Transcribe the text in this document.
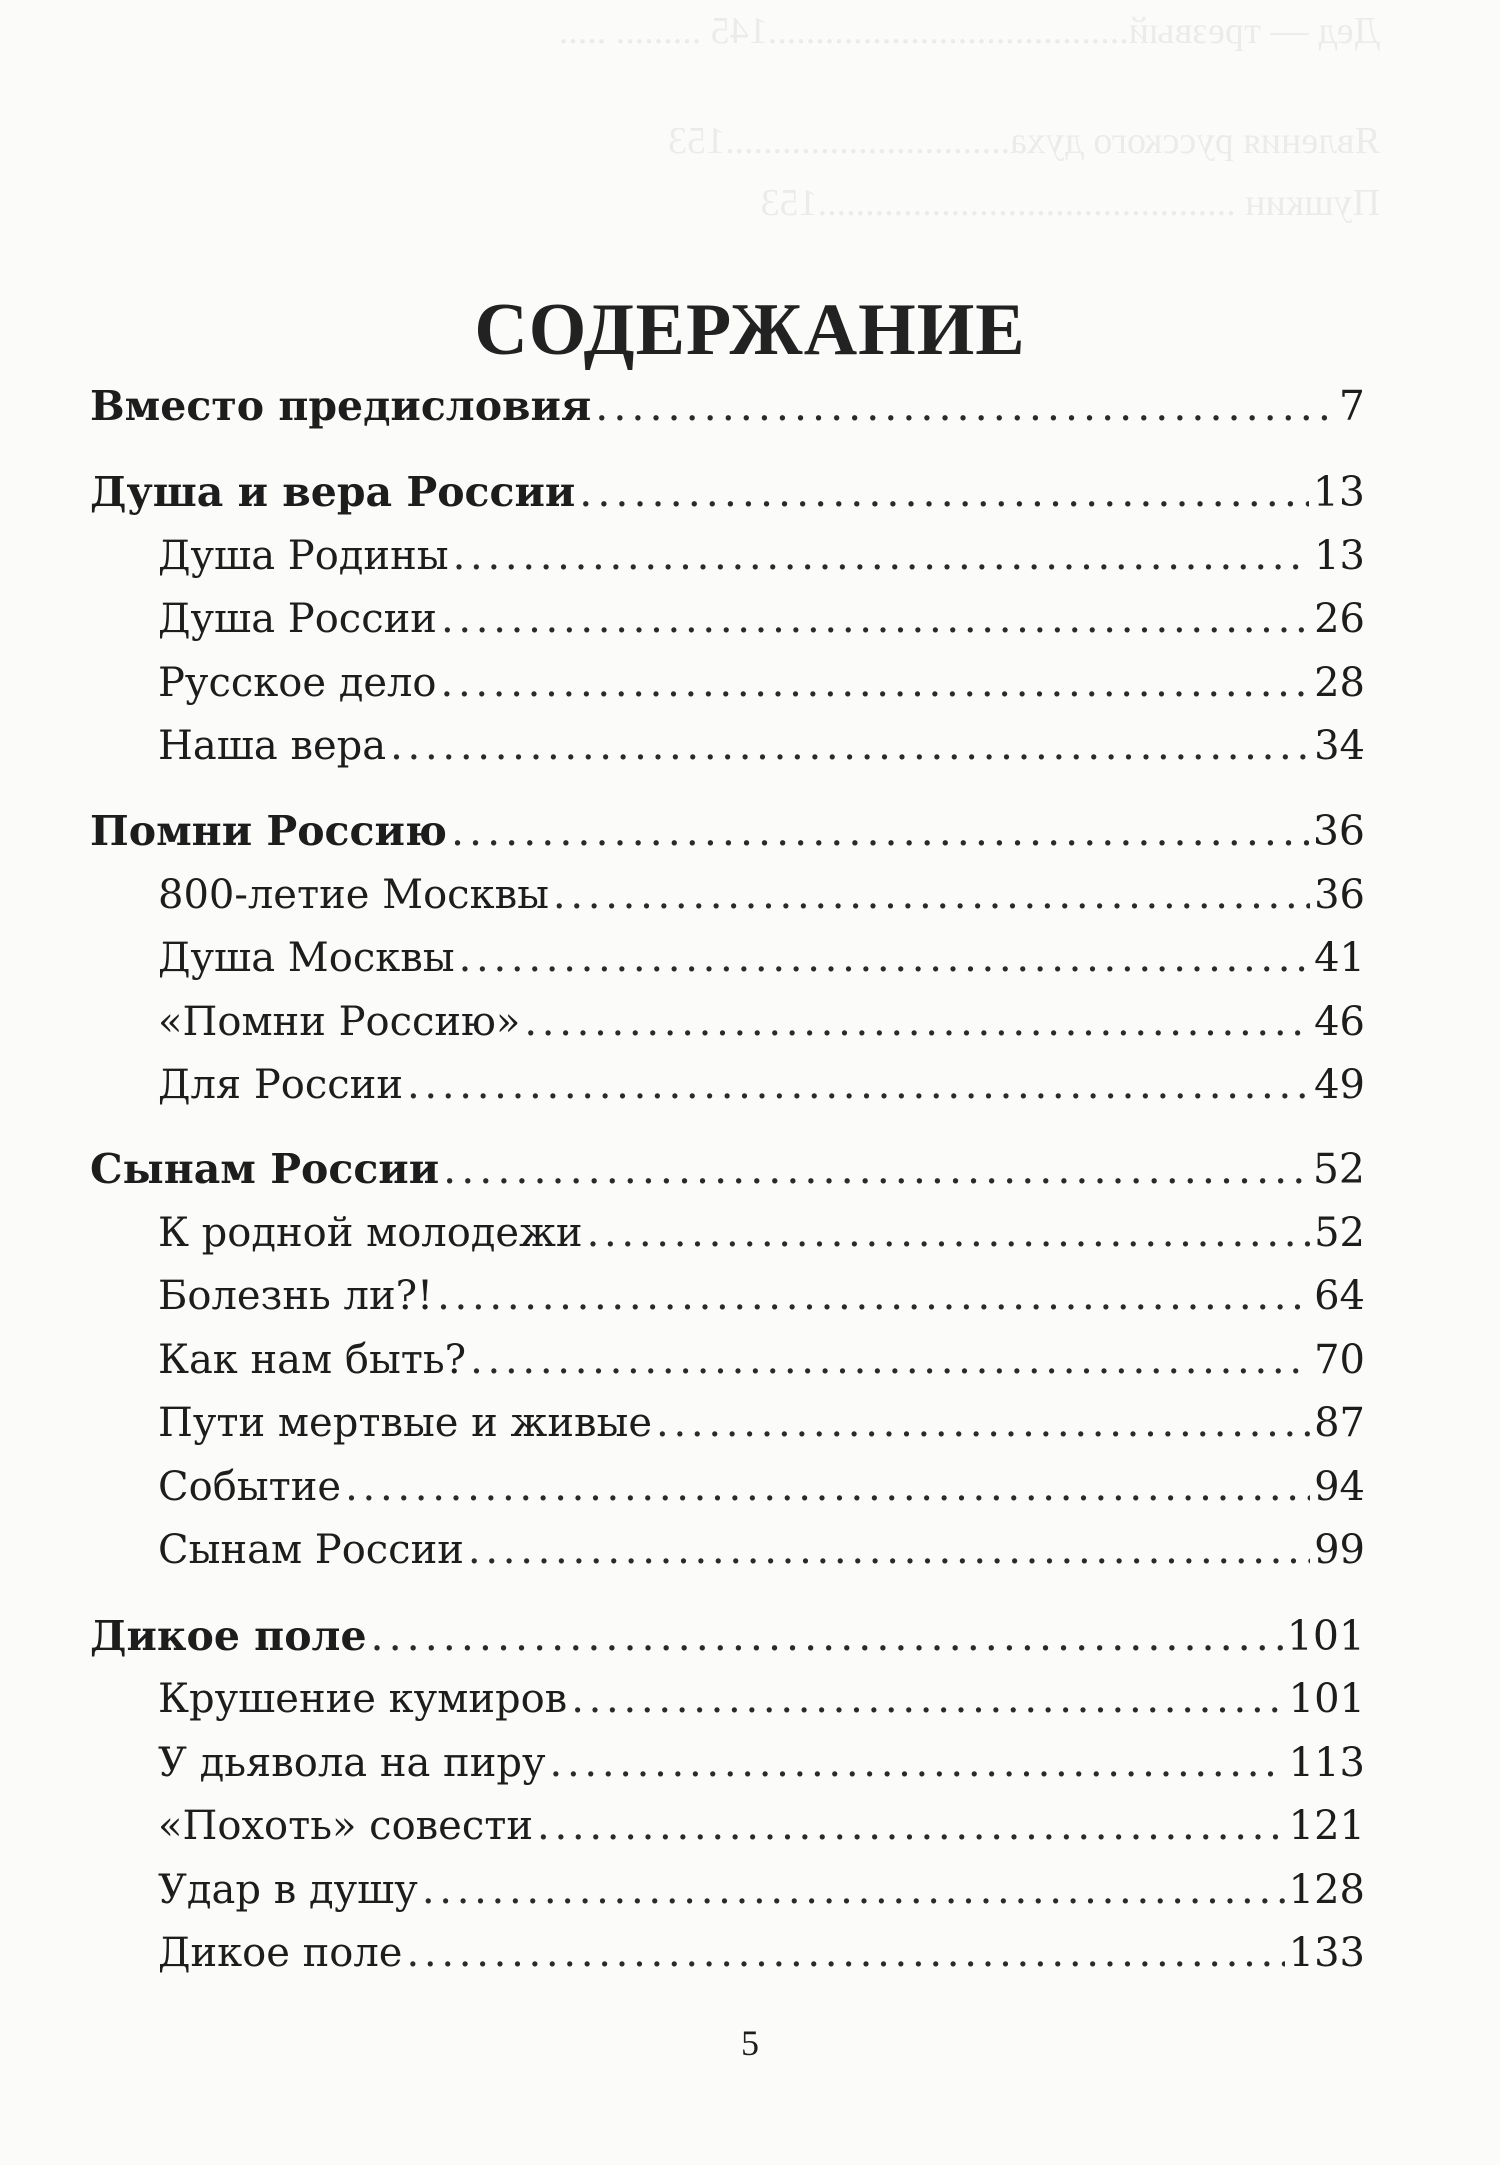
Дед — трезвый......................................145 ......... .....
Явления русского духа..............................153
Пушкин ............................................153
СОДЕРЖАНИЕ
Вместо предисловия . . .	7
Душа и вера России . . .	13
Душа Родины . . .	13
Душа России . . .	26
Русское дело . . .	28
Наша вера . . .	34
Помни Россию . . .	36
800-летие Москвы . . .	36
Душа Москвы . . .	41
«Помни Россию» . . .	46
Для России . . .	49
Сынам России . . .	52
К родной молодежи . . .	52
Болезнь ли?! . . .	64
Как нам быть? . . .	70
Пути мертвые и живые . . .	87
Событие . . .	94
Сынам России . . .	99
Дикое поле . . .	101
Крушение кумиров . . .	101
У дьявола на пиру . . .	113
«Похоть» совести . . .	121
Удар в душу . . .	128
Дикое поле . . .	133
5
